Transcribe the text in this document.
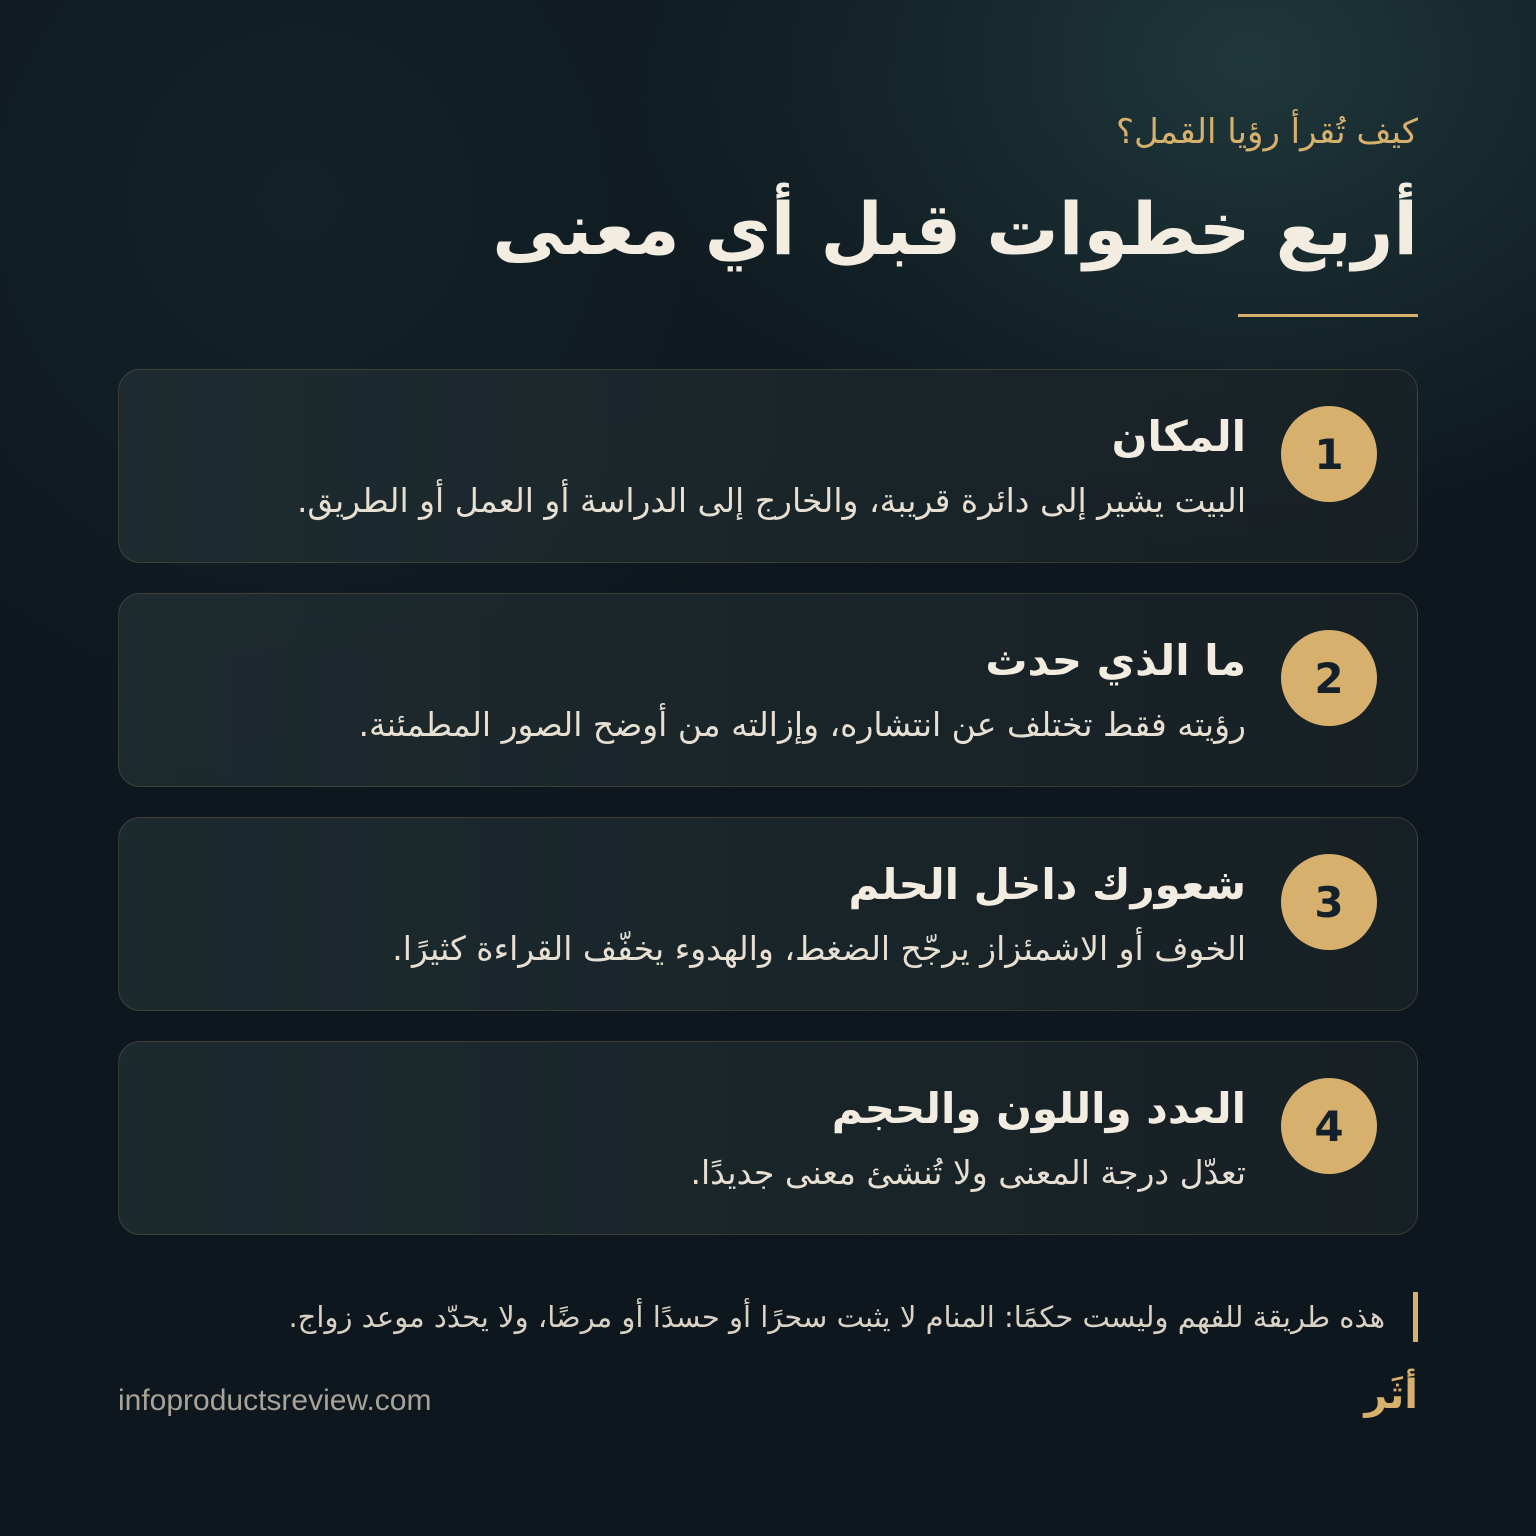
كيف تُقرأ رؤيا القمل؟
أربع خطوات قبل أي معنى
1
المكان
البيت يشير إلى دائرة قريبة، والخارج إلى الدراسة أو العمل أو الطريق.
2
ما الذي حدث
رؤيته فقط تختلف عن انتشاره، وإزالته من أوضح الصور المطمئنة.
3
شعورك داخل الحلم
الخوف أو الاشمئزاز يرجّح الضغط، والهدوء يخفّف القراءة كثيرًا.
4
العدد واللون والحجم
تعدّل درجة المعنى ولا تُنشئ معنى جديدًا.
هذه طريقة للفهم وليست حكمًا: المنام لا يثبت سحرًا أو حسدًا أو مرضًا، ولا يحدّد موعد زواج.
أثَر
infoproductsreview.com
